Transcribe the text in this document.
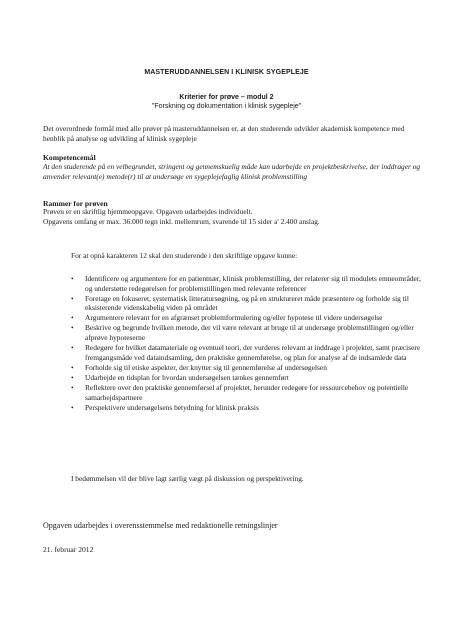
MASTERUDDANNELSEN I KLINISK SYGEPLEJE
Kriterier for prøve – modul 2
"Forskning og dokumentation i klinisk sygepleje"
Det overordnede formål med alle prøver på masteruddannelsen er, at den studerende udvikler akademisk kompetence med henblik på analyse og udvikling af klinisk sygepleje
Kompetencemål
At den studerende på en velbegrundet, stringent og gennemskuelig måde kan udarbejde en projektbeskrivelse, der inddrager og anvender relevant(e) metode(r) til at undersøge en sygeplejefaglig klinisk problemstilling
Rammer for prøven
Prøven er en skriftlig hjemmeopgave. Opgaven udarbejdes individuelt.
Opgavens omfang er max. 36.000 tegn inkl. mellemrum, svarende til 15 sider a' 2.400 anslag.
For at opnå karakteren 12 skal den studerende i den skriftlige opgave kunne:
• Identificere og argumentere for en patientnær, klinisk problemstilling, der relaterer sig til modulets emneområder, og understøtte redegørelsen for problemstillingen med relevante referencer
• Foretage en fokuseret, systematisk litteratursøgning, og på en struktureret måde præsentere og forholde sig til eksisterende videnskabelig viden på området
• Argumentere relevant for en afgrænset problemformulering og/eller hypotese til videre undersøgelse
• Beskrive og begrunde hvilken metode, der vil være relevant at bruge til at undersøge problemstillingen og/eller afprøve hypoteserne
• Redegøre for hvilket datamateriale og eventuel teori, der vurderes relevant at inddrage i projektet, samt præcisere fremgangsmåde ved dataindsamling, den praktiske gennemførelse, og plan for analyse af de indsamlede data
• Forholde sig til etiske aspekter, der knytter sig til gennemførelse af undersøgelsen
• Udarbejde en tidsplan for hvordan undersøgelsen tænkes gennemført
• Reflektere over den praktiske gennemførsel af projektet, herunder redegøre for ressourcebehov og potentielle samarbejdspartnere
• Perspektivere undersøgelsens betydning for klinisk praksis
I bedømmelsen vil der blive lagt særlig vægt på diskussion og perspektivering.
Opgaven udarbejdes i overensstemmelse med redaktionelle retningslinjer
21. februar 2012
